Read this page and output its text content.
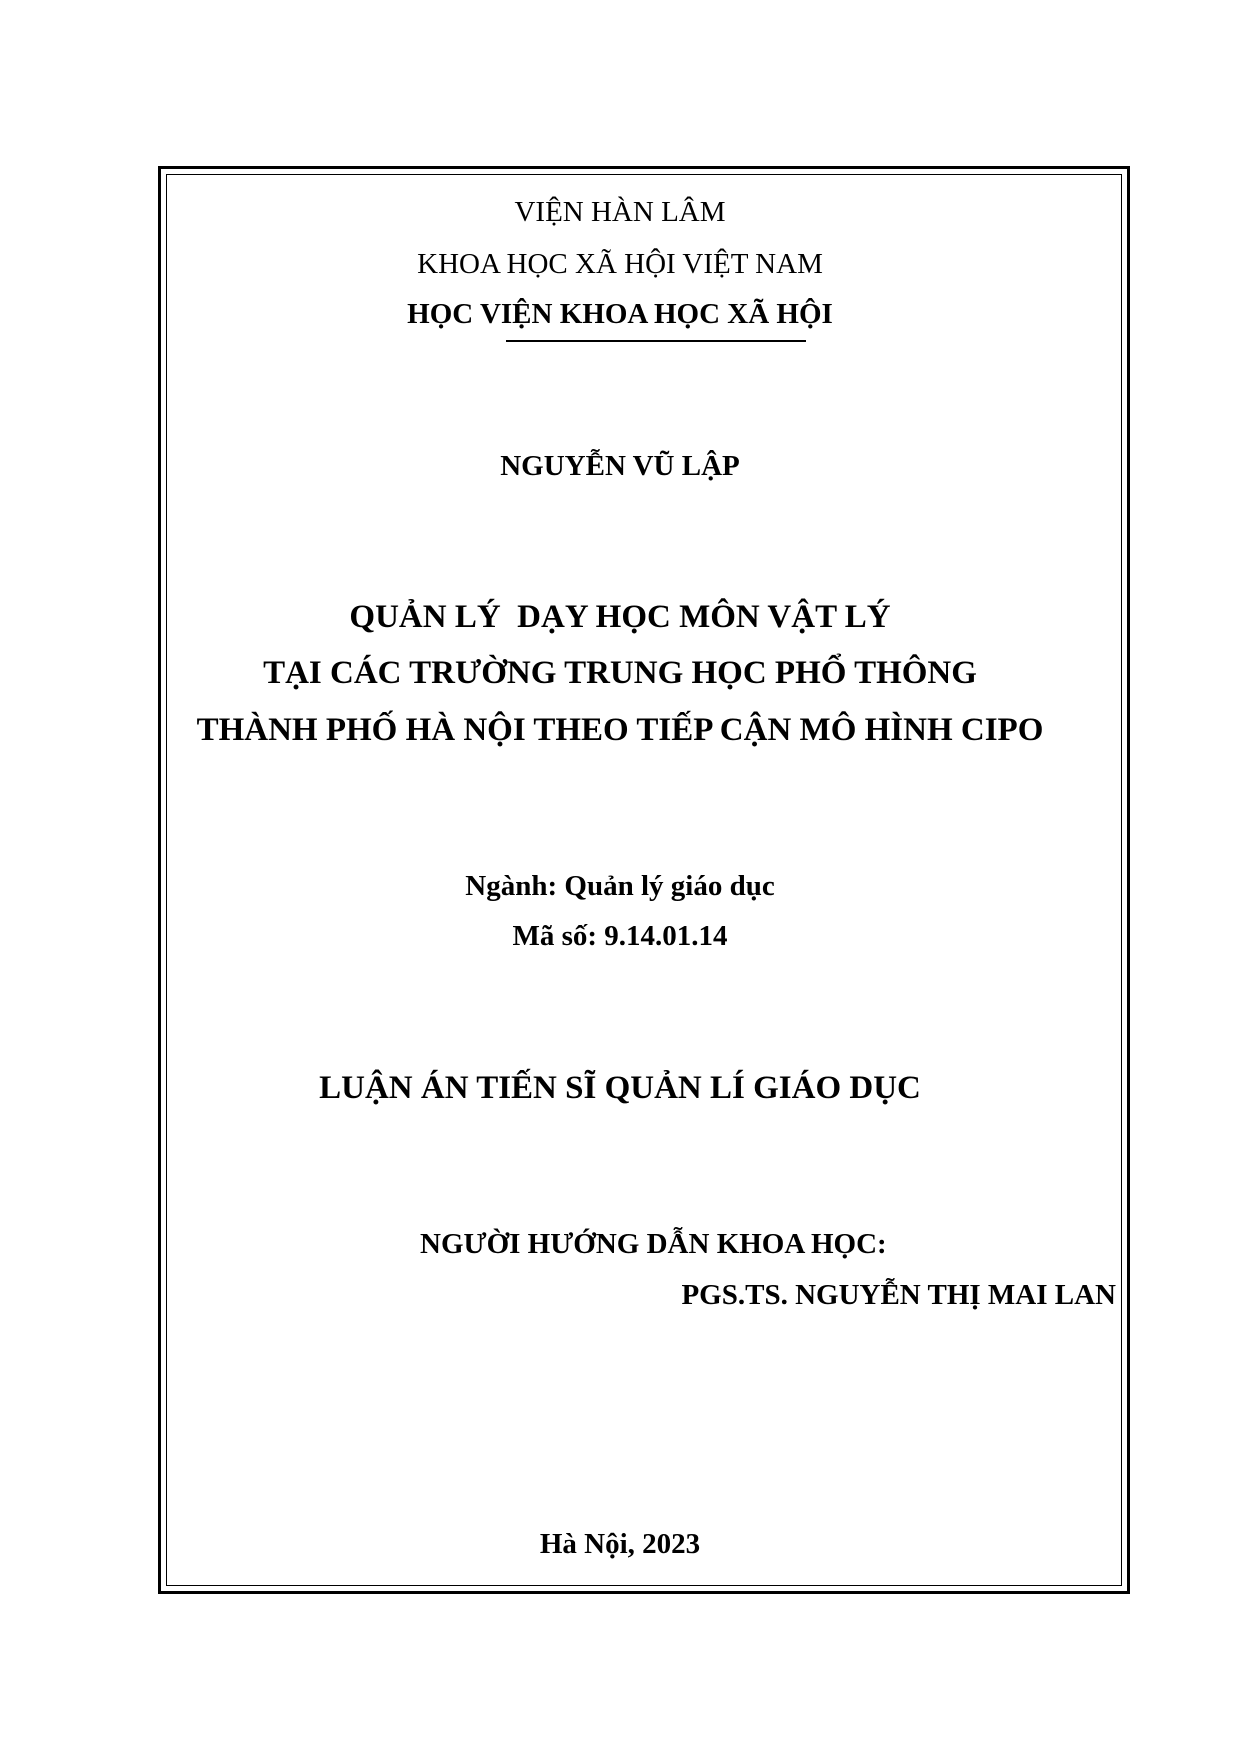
VIỆN HÀN LÂM
KHOA HỌC XÃ HỘI VIỆT NAM
HỌC VIỆN KHOA HỌC XÃ HỘI
NGUYỄN VŨ LẬP
QUẢN LÝ  DẠY HỌC MÔN VẬT LÝ
TẠI CÁC TRƯỜNG TRUNG HỌC PHỔ THÔNG
THÀNH PHỐ HÀ NỘI THEO TIẾP CẬN MÔ HÌNH CIPO
Ngành: Quản lý giáo dục
Mã số: 9.14.01.14
LUẬN ÁN TIẾN SĨ QUẢN LÍ GIÁO DỤC
NGƯỜI HƯỚNG DẪN KHOA HỌC:
PGS.TS. NGUYỄN THỊ MAI LAN
Hà Nội, 2023
